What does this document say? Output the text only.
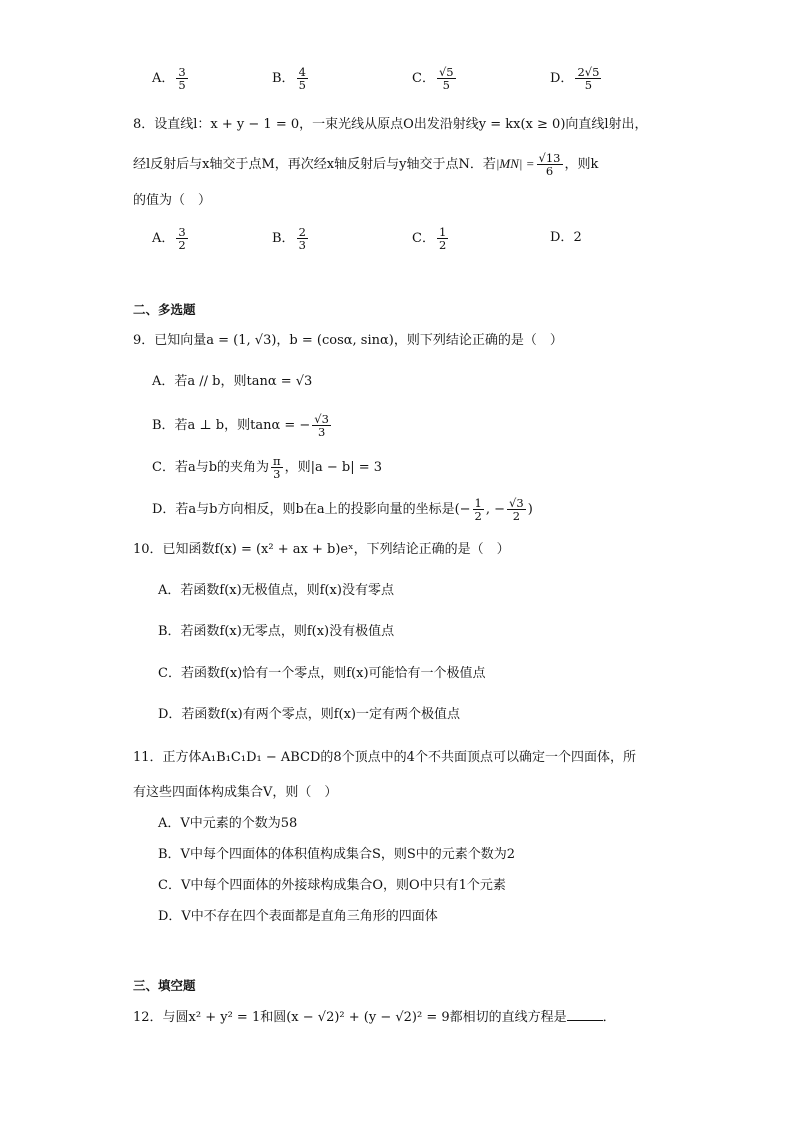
A． $\frac{3}{5}$	B． $\frac{4}{5}$	C． $\frac{√5}{5}$	D． $\frac{2√5}{5}$
8．设直线l：x + y − 1 = 0，一束光线从原点O出发沿射线y = kx(x ≥ 0)向直线l射出，
经l反射后与x轴交于点M，再次经x轴反射后与y轴交于点N．若$|MN| = \frac{√13}{6}$ ，则k
的值为（　）
A． $\frac{3}{2}$	B． $\frac{2}{3}$	C． $\frac{1}{2}$	D．2
二、多选题
9．已知向量a = (1, √3)，b = (cosα, sinα)，则下列结论正确的是（　）
A．若a // b，则tanα = √3
B．若a ⊥ b，则tanα = − $\frac{√3}{3}$
C．若a与b的夹角为 $\frac{\pi}{3}$ ，则|a − b| = 3
D．若a与b方向相反，则b在a上的投影向量的坐标是(− $\frac{1}{2}$ , − $\frac{√3}{2}$ )
10．已知函数f(x) = (x² + ax + b)eˣ，下列结论正确的是（　）
A．若函数f(x)无极值点，则f(x)没有零点
B．若函数f(x)无零点，则f(x)没有极值点
C．若函数f(x)恰有一个零点，则f(x)可能恰有一个极值点
D．若函数f(x)有两个零点，则f(x)一定有两个极值点
11．正方体A₁B₁C₁D₁ − ABCD的8个顶点中的4个不共面顶点可以确定一个四面体，所
有这些四面体构成集合V，则（　）
A．V中元素的个数为58
B．V中每个四面体的体积值构成集合S，则S中的元素个数为2
C．V中每个四面体的外接球构成集合O，则O中只有1个元素
D．V中不存在四个表面都是直角三角形的四面体
三、填空题
12．与圆x² + y² = 1和圆(x − √2)² + (y − √2)² = 9都相切的直线方程是	．
